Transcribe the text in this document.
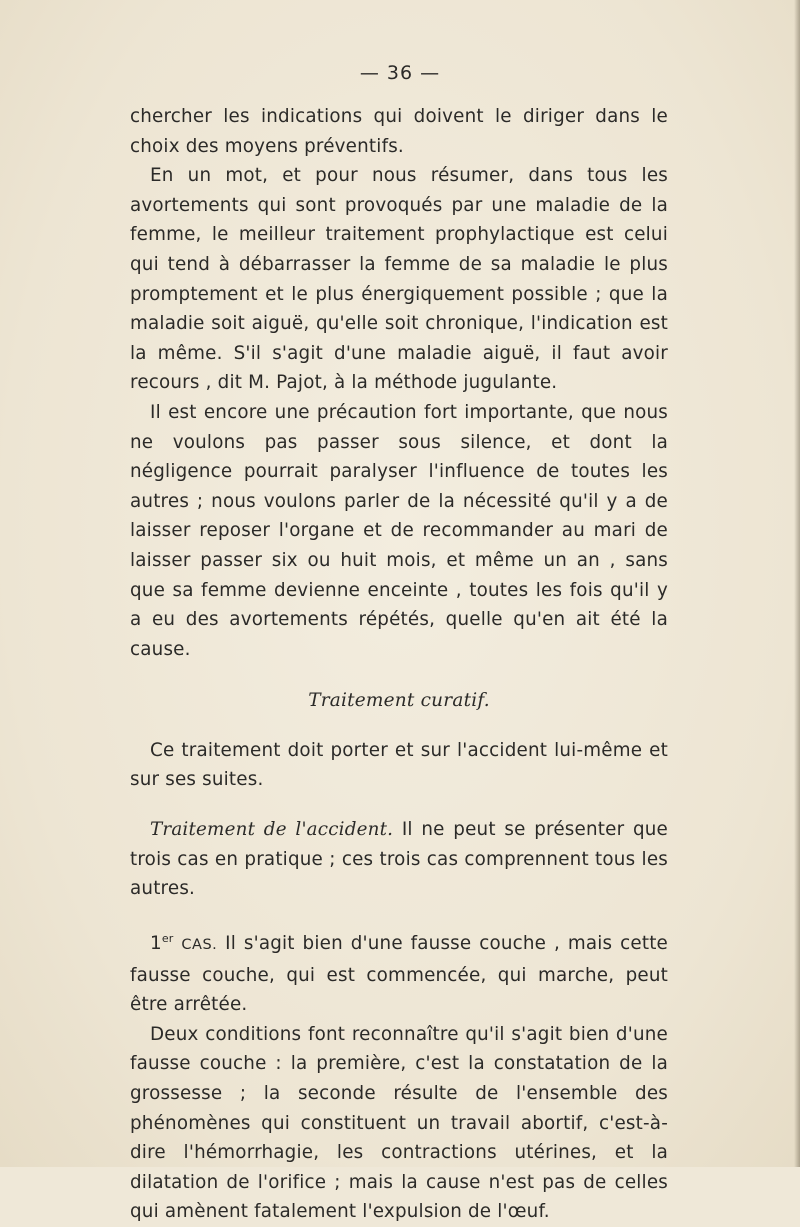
— 36 —

chercher les indications qui doivent le diriger dans le choix des moyens préventifs.

En un mot, et pour nous résumer, dans tous les avortements qui sont provoqués par une maladie de la femme, le meilleur traitement prophylactique est celui qui tend à débarrasser la femme de sa maladie le plus promptement et le plus énergiquement possible ; que la maladie soit aiguë, qu'elle soit chronique, l'indication est la même. S'il s'agit d'une maladie aiguë, il faut avoir recours , dit M. Pajot, à la méthode jugulante.

Il est encore une précaution fort importante, que nous ne voulons pas passer sous silence, et dont la négligence pourrait paralyser l'influence de toutes les autres ; nous voulons parler de la nécessité qu'il y a de laisser reposer l'organe et de recommander au mari de laisser passer six ou huit mois, et même un an , sans que sa femme devienne enceinte , toutes les fois qu'il y a eu des avortements répétés, quelle qu'en ait été la cause.

Traitement curatif.

Ce traitement doit porter et sur l'accident lui-même et sur ses suites.

Traitement de l'accident. Il ne peut se présenter que trois cas en pratique ; ces trois cas comprennent tous les autres.

1er CAS. Il s'agit bien d'une fausse couche , mais cette fausse couche, qui est commencée, qui marche, peut être arrêtée.

Deux conditions font reconnaître qu'il s'agit bien d'une fausse couche : la première, c'est la constatation de la grossesse ; la seconde résulte de l'ensemble des phénomènes qui constituent un travail abortif, c'est-à-dire l'hémorrhagie, les contractions utérines, et la dilatation de l'orifice ; mais la cause n'est pas de celles qui amènent fatalement l'expulsion de l'œuf.
